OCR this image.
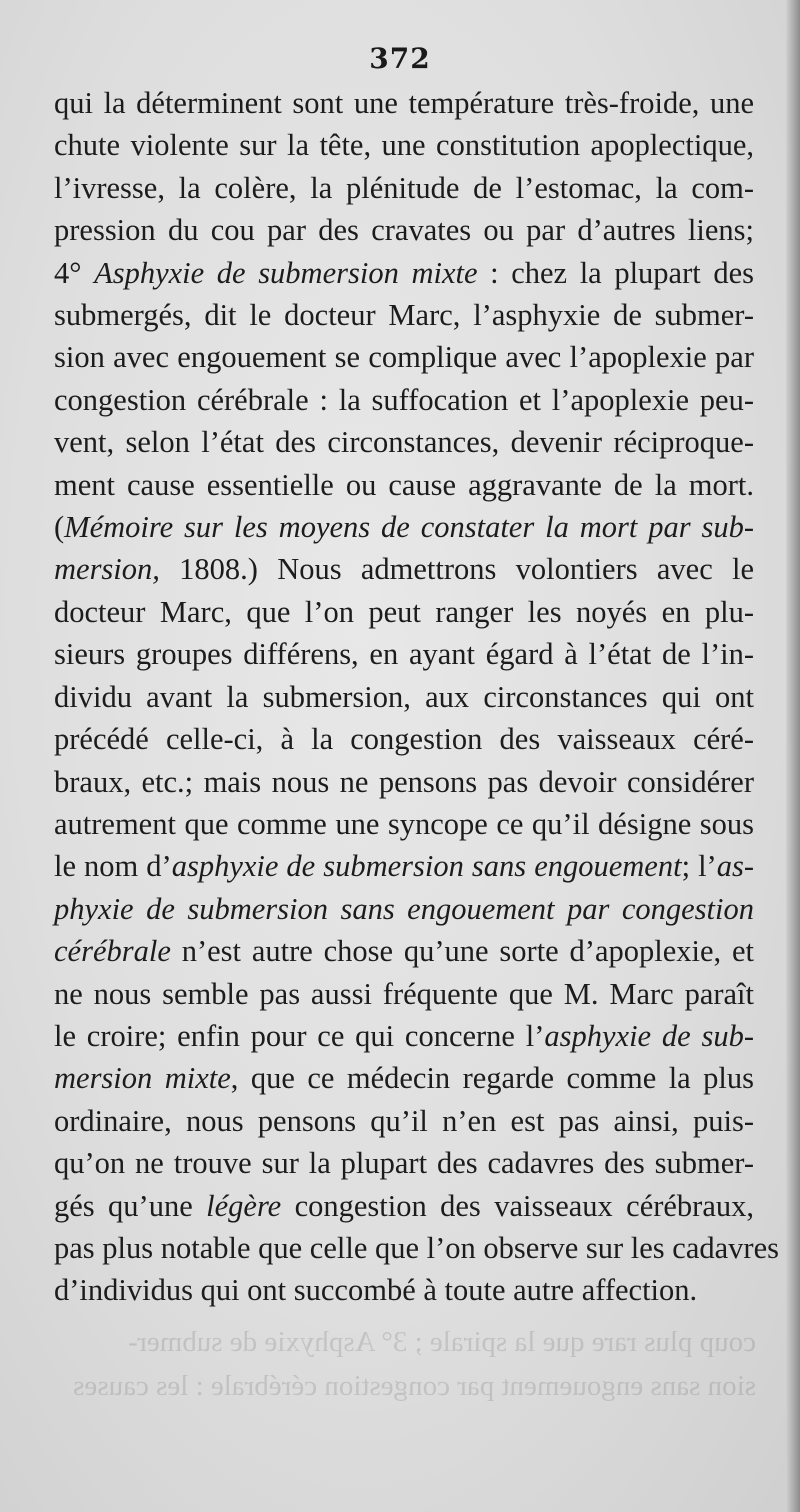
372
qui la déterminent sont une température très-froide, une
chute violente sur la tête, une constitution apoplectique,
l’ivresse, la colère, la plénitude de l’estomac, la com-
pression du cou par des cravates ou par d’autres liens;
4° Asphyxie de submersion mixte : chez la plupart des
submergés, dit le docteur Marc, l’asphyxie de submer-
sion avec engouement se complique avec l’apoplexie par
congestion cérébrale : la suffocation et l’apoplexie peu-
vent, selon l’état des circonstances, devenir réciproque-
ment cause essentielle ou cause aggravante de la mort.
(Mémoire sur les moyens de constater la mort par sub-
mersion, 1808.) Nous admettrons volontiers avec le
docteur Marc, que l’on peut ranger les noyés en plu-
sieurs groupes différens, en ayant égard à l’état de l’in-
dividu avant la submersion, aux circonstances qui ont
précédé celle-ci, à la congestion des vaisseaux céré-
braux, etc.; mais nous ne pensons pas devoir considérer
autrement que comme une syncope ce qu’il désigne sous
le nom d’asphyxie de submersion sans engouement; l’as-
phyxie de submersion sans engouement par congestion
cérébrale n’est autre chose qu’une sorte d’apoplexie, et
ne nous semble pas aussi fréquente que M. Marc paraît
le croire; enfin pour ce qui concerne l’asphyxie de sub-
mersion mixte, que ce médecin regarde comme la plus
ordinaire, nous pensons qu’il n’en est pas ainsi, puis-
qu’on ne trouve sur la plupart des cadavres des submer-
gés qu’une légère congestion des vaisseaux cérébraux,
pas plus notable que celle que l’on observe sur les cadavres
d’individus qui ont succombé à toute autre affection.
coup plus rare que la spirale ; 3° Asphyxie de submer-
sion sans engouement par congestion cérébrale : les causes
